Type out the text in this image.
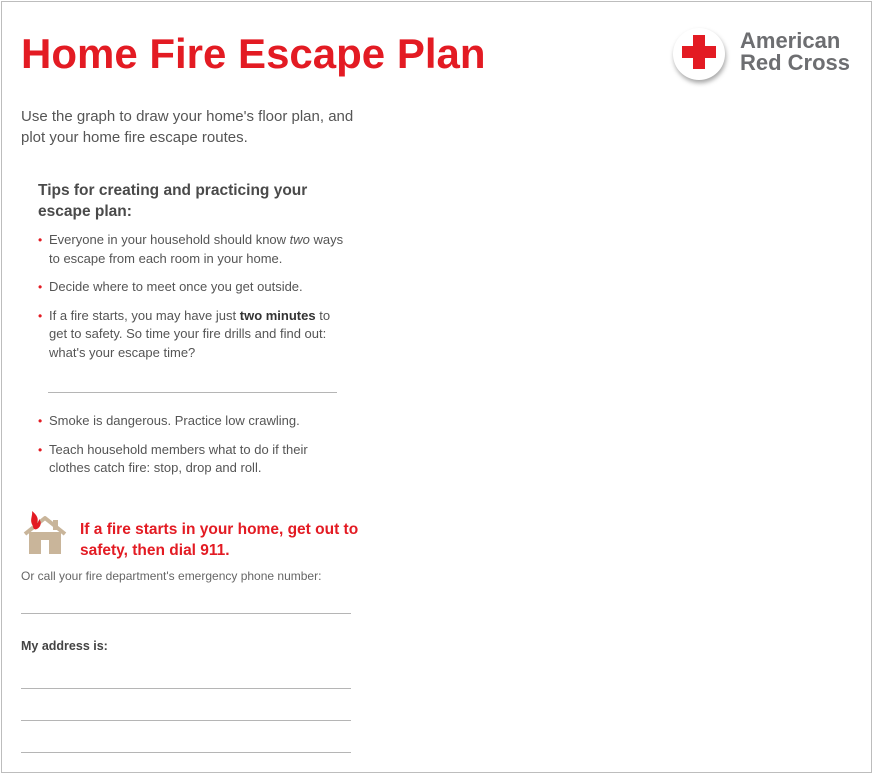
Home Fire Escape Plan	American
Red Cross

Use the graph to draw your home's floor plan, and plot your home fire escape routes.

Tips for creating and practicing your escape plan:
• Everyone in your household should know two ways to escape from each room in your home.
• Decide where to meet once you get outside.
• If a fire starts, you may have just two minutes to get to safety. So time your fire drills and find out: what's your escape time?
• Smoke is dangerous. Practice low crawling.
• Teach household members what to do if their clothes catch fire: stop, drop and roll.
If a fire starts in your home, get out to safety, then dial 911.
Or call your fire department's emergency phone number:
My address is:
